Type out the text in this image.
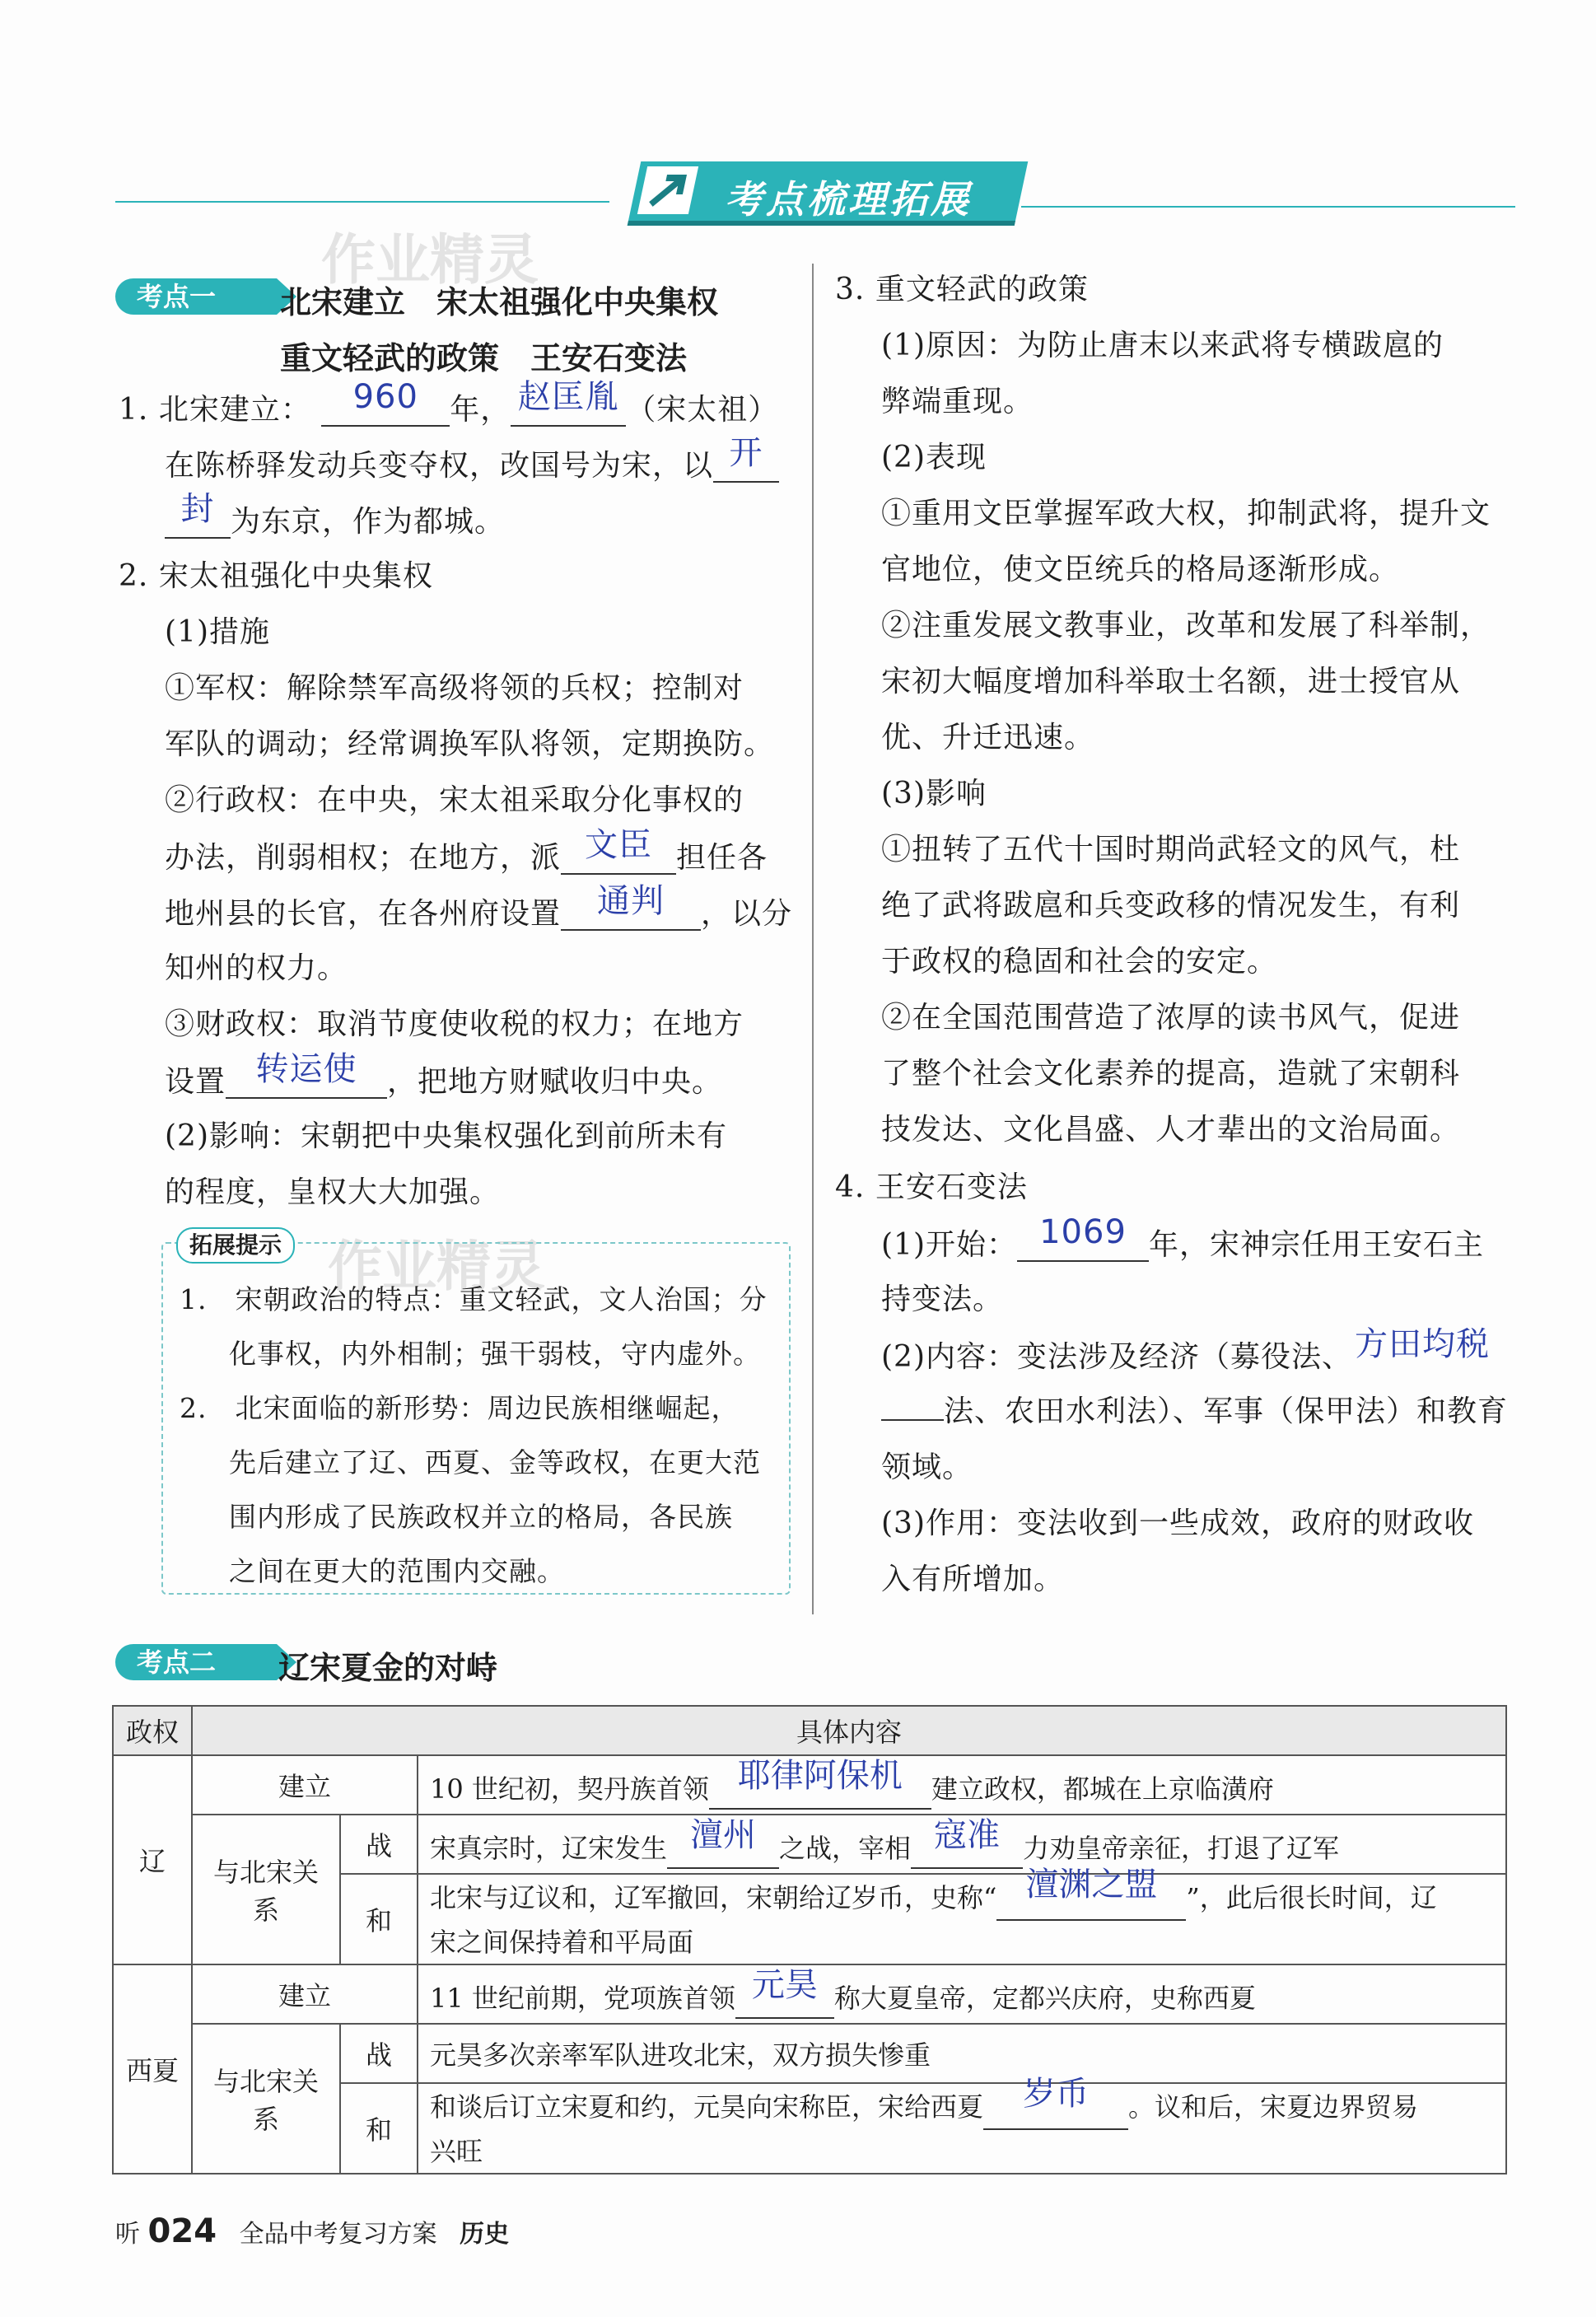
考点梳理拓展
作业精灵
作业精灵
考点一	北宋建立　宋太祖强化中央集权
重文轻武的政策　王安石变法
1. 北宋建立： 960 年， 赵匡胤 （宋太祖）
在陈桥驿发动兵变夺权，改国号为宋，以 开
封 为东京，作为都城。
2. 宋太祖强化中央集权
(1)措施
①军权：解除禁军高级将领的兵权；控制对
军队的调动；经常调换军队将领，定期换防。
②行政权：在中央，宋太祖采取分化事权的
办法，削弱相权；在地方，派 文臣 担任各
地州县的长官，在各州府设置 通判 ，以分
知州的权力。
③财政权：取消节度使收税的权力；在地方
设置 转运使 ，把地方财赋收归中央。
(2)影响：宋朝把中央集权强化到前所未有
的程度，皇权大大加强。
拓展提示
1.　宋朝政治的特点：重文轻武，文人治国；分
化事权，内外相制；强干弱枝，守内虚外。
2.　北宋面临的新形势：周边民族相继崛起，
先后建立了辽、西夏、金等政权，在更大范
围内形成了民族政权并立的格局，各民族
之间在更大的范围内交融。
3. 重文轻武的政策
(1)原因：为防止唐末以来武将专横跋扈的
弊端重现。
(2)表现
①重用文臣掌握军政大权，抑制武将，提升文
官地位，使文臣统兵的格局逐渐形成。
②注重发展文教事业，改革和发展了科举制，
宋初大幅度增加科举取士名额，进士授官从
优、升迁迅速。
(3)影响
①扭转了五代十国时期尚武轻文的风气，杜
绝了武将跋扈和兵变政移的情况发生，有利
于政权的稳固和社会的安定。
②在全国范围营造了浓厚的读书风气，促进
了整个社会文化素养的提高，造就了宋朝科
技发达、文化昌盛、人才辈出的文治局面。
4. 王安石变法
(1)开始： 1069 年，宋神宗任用王安石主
持变法。
(2)内容：变法涉及经济（募役法、方田均税
法、农田水利法）、军事（保甲法）和教育
领域。
(3)作用：变法收到一些成效，政府的财政收
入有所增加。
考点二	辽宋夏金的对峙
政权	具体内容		
辽	建立		10 世纪初，契丹族首领 耶律阿保机 建立政权，都城在上京临潢府
	与北宋关系	战	宋真宗时，辽宋发生 澶州 之战，宰相 寇准 力劝皇帝亲征，打退了辽军
		和	北宋与辽议和，辽军撤回，宋朝给辽岁币，史称“ 澶渊之盟 ”，此后很长时间，辽
宋之间保持着和平局面
西夏	建立		11 世纪前期，党项族首领 元昊 称大夏皇帝，定都兴庆府，史称西夏
	与北宋关系	战	元昊多次亲率军队进攻北宋，双方损失惨重
		和	和谈后订立宋夏和约，元昊向宋称臣，宋给西夏 岁币 。议和后，宋夏边界贸易
兴旺
听 024 全品中考复习方案 历史
